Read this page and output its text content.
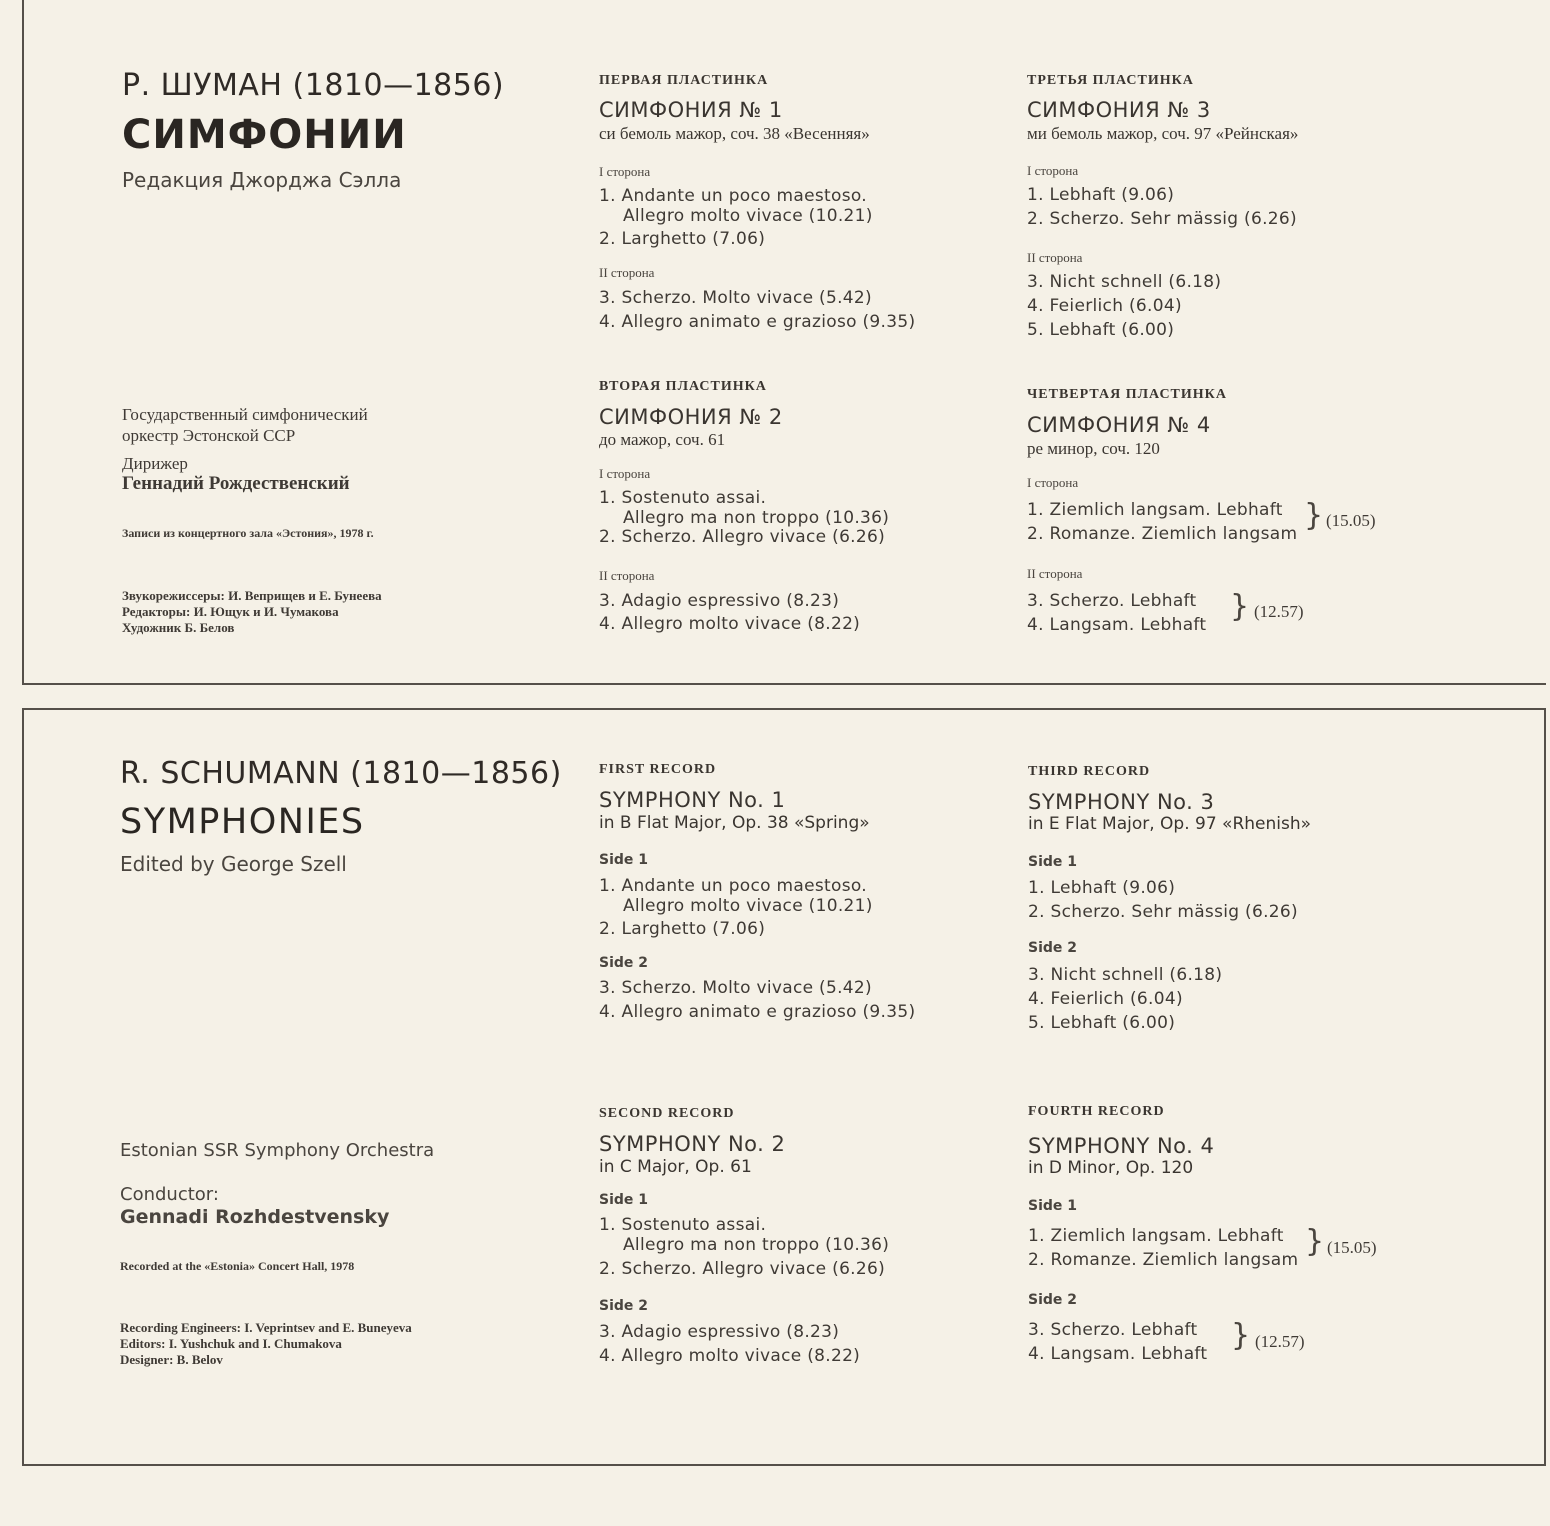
Р. ШУМАН (1810—1856)
СИМФОНИИ
Редакция Джорджа Сэлла
Государственный симфонический
оркестр Эстонской ССР
Дирижер
Геннадий Рождественский
Записи из концертного зала «Эстония», 1978 г.
Звукорежиссеры: И. Веприщев и Е. Бунеева
Редакторы: И. Ющук и И. Чумакова
Художник Б. Белов
ПЕРВАЯ ПЛАСТИНКА
СИМФОНИЯ № 1
си бемоль мажор, соч. 38 «Весенняя»
I сторона
1. Andante un poco maestoso.
Allegro molto vivace (10.21)
2. Larghetto (7.06)
II сторона
3. Scherzo. Molto vivace (5.42)
4. Allegro animato e grazioso (9.35)
ВТОРАЯ ПЛАСТИНКА
СИМФОНИЯ № 2
до мажор, соч. 61
I сторона
1. Sostenuto assai.
Allegro ma non troppo (10.36)
2. Scherzo. Allegro vivace (6.26)
II сторона
3. Adagio espressivo (8.23)
4. Allegro molto vivace (8.22)
ТРЕТЬЯ ПЛАСТИНКА
СИМФОНИЯ № 3
ми бемоль мажор, соч. 97 «Рейнская»
I сторона
1. Lebhaft (9.06)
2. Scherzo. Sehr mässig (6.26)
II сторона
3. Nicht schnell (6.18)
4. Feierlich (6.04)
5. Lebhaft (6.00)
ЧЕТВЕРТАЯ ПЛАСТИНКА
СИМФОНИЯ № 4
ре минор, соч. 120
I сторона
1. Ziemlich langsam. Lebhaft
2. Romanze. Ziemlich langsam
} (15.05)
II сторона
3. Scherzo. Lebhaft
4. Langsam. Lebhaft
} (12.57)
R. SCHUMANN (1810—1856)
SYMPHONIES
Edited by George Szell
Estonian SSR Symphony Orchestra
Conductor:
Gennadi Rozhdestvensky
Recorded at the «Estonia» Concert Hall, 1978
Recording Engineers: I. Veprintsev and E. Buneyeva
Editors: I. Yushchuk and I. Chumakova
Designer: B. Belov
FIRST RECORD
SYMPHONY No. 1
in B Flat Major, Op. 38 «Spring»
Side 1
1. Andante un poco maestoso.
Allegro molto vivace (10.21)
2. Larghetto (7.06)
Side 2
3. Scherzo. Molto vivace (5.42)
4. Allegro animato e grazioso (9.35)
SECOND RECORD
SYMPHONY No. 2
in C Major, Op. 61
Side 1
1. Sostenuto assai.
Allegro ma non troppo (10.36)
2. Scherzo. Allegro vivace (6.26)
Side 2
3. Adagio espressivo (8.23)
4. Allegro molto vivace (8.22)
THIRD RECORD
SYMPHONY No. 3
in E Flat Major, Op. 97 «Rhenish»
Side 1
1. Lebhaft (9.06)
2. Scherzo. Sehr mässig (6.26)
Side 2
3. Nicht schnell (6.18)
4. Feierlich (6.04)
5. Lebhaft (6.00)
FOURTH RECORD
SYMPHONY No. 4
in D Minor, Op. 120
Side 1
1. Ziemlich langsam. Lebhaft
2. Romanze. Ziemlich langsam
} (15.05)
Side 2
3. Scherzo. Lebhaft
4. Langsam. Lebhaft
} (12.57)
